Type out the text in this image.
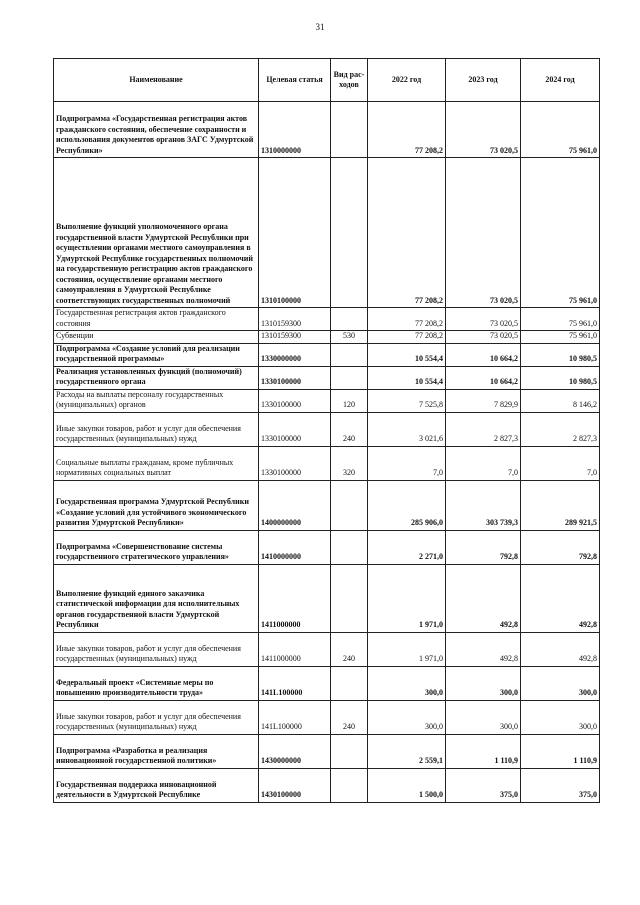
31
Наименование	Целевая статья	Вид рас-ходов	2022 год	2023 год	2024 год
Подпрограмма «Государственная регистрация актов гражданского состояния, обеспечение сохранности и использования документов органов ЗАГС Удмуртской Республики»	1310000000		77 208,2	73 020,5	75 961,0
Выполнение функций уполномоченного органа государственной власти Удмуртской Республики при осуществлении органами местного самоуправления в Удмуртской Республике государственных полномочий на государственную регистрацию актов гражданского состояния, осуществление органами местного самоуправления в Удмуртской Республике соответствующих государственных полномочий	1310100000		77 208,2	73 020,5	75 961,0
Государственная регистрация актов гражданского состояния	1310159300		77 208,2	73 020,5	75 961,0
Субвенции	1310159300	530	77 208,2	73 020,5	75 961,0
Подпрограмма «Создание условий для реализации государственной программы»	1330000000		10 554,4	10 664,2	10 980,5
Реализация установленных функций (полномочий) государственного органа	1330100000		10 554,4	10 664,2	10 980,5
Расходы на выплаты персоналу государственных (муниципальных) органов	1330100000	120	7 525,8	7 829,9	8 146,2
Иные закупки товаров, работ и услуг для обеспечения государственных (муниципальных) нужд	1330100000	240	3 021,6	2 827,3	2 827,3
Социальные выплаты гражданам, кроме публичных нормативных социальных выплат	1330100000	320	7,0	7,0	7,0
Государственная программа Удмуртской Республики «Создание условий для устойчивого экономического развития Удмуртской Республики»	1400000000		285 906,0	303 739,3	289 921,5
Подпрограмма «Совершенствование системы государственного стратегического управления»	1410000000		2 271,0	792,8	792,8
Выполнение функций единого заказчика статистической информации для исполнительных органов государственной власти Удмуртской Республики	1411000000		1 971,0	492,8	492,8
Иные закупки товаров, работ и услуг для обеспечения государственных (муниципальных) нужд	1411000000	240	1 971,0	492,8	492,8
Федеральный проект «Системные меры по повышению производительности труда»	141L100000		300,0	300,0	300,0
Иные закупки товаров, работ и услуг для обеспечения государственных (муниципальных) нужд	141L100000	240	300,0	300,0	300,0
Подпрограмма «Разработка и реализация инновационной государственной политики»	1430000000		2 559,1	1 110,9	1 110,9
Государственная поддержка инновационной деятельности в Удмуртской Республике	1430100000		1 500,0	375,0	375,0
